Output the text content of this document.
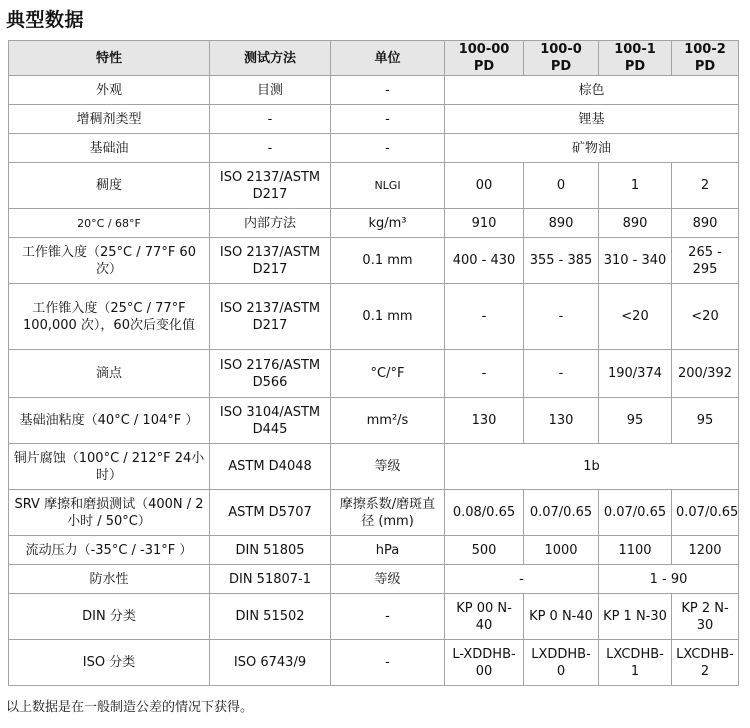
典型数据
特性	测试方法	单位	100-00 PD	100-0 PD	100-1 PD	100-2 PD
外观	目测	-	棕色			
增稠剂类型	-	-	锂基			
基础油	-	-	矿物油			
稠度	ISO 2137/ASTM D217	NLGI	00	0	1	2
20°C / 68°F	内部方法	kg/m³	910	890	890	890
工作锥入度（25°C / 77°F 60次）	ISO 2137/ASTM D217	0.1 mm	400 - 430	355 - 385	310 - 340	265 - 295
工作锥入度（25°C / 77°F 100,000 次），60次后变化值	ISO 2137/ASTM D217	0.1 mm	-	-	<20	<20
滴点	ISO 2176/ASTM D566	°C/°F	-	-	190/374	200/392
基础油粘度（40°C / 104°F ）	ISO 3104/ASTM D445	mm²/s	130	130	95	95
铜片腐蚀（100°C / 212°F 24小时）	ASTM D4048	等级	1b			
SRV 摩擦和磨损测试（400N / 2 小时 / 50°C）	ASTM D5707	摩擦系数/磨斑直径 (mm)	0.08/0.65	0.07/0.65	0.07/0.65	0.07/0.65
流动压力（-35°C / -31°F ）	DIN 51805	hPa	500	1000	1100	1200
防水性	DIN 51807-1	等级	-		1 - 90	
DIN 分类	DIN 51502	-	KP 00 N-40	KP 0 N-40	KP 1 N-30	KP 2 N-30
ISO 分类	ISO 6743/9	-	L-XDDHB-00	LXDDHB-0	LXCDHB-1	LXCDHB-2

以上数据是在一般制造公差的情况下获得。
